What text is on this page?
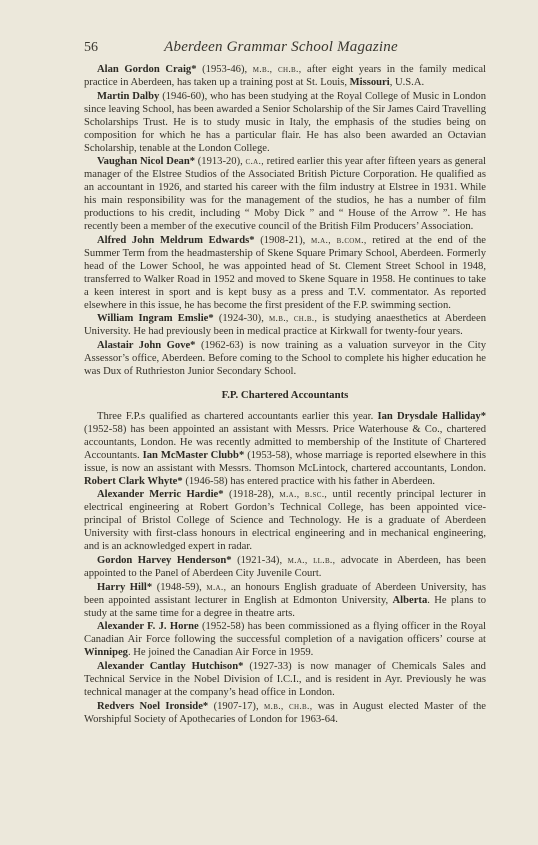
56	Aberdeen Grammar School Magazine

Alan Gordon Craig* (1953-46), m.b., ch.b., after eight years in the family medical practice in Aberdeen, has taken up a training post at St. Louis, Missouri, U.S.A.

Martin Dalby (1946-60), who has been studying at the Royal College of Music in London since leaving School, has been awarded a Senior Scholarship of the Sir James Caird Travelling Scholarships Trust. He is to study music in Italy, the emphasis of the studies being on composition for which he has a particular flair. He has also been awarded an Octavian Scholarship, tenable at the London College.

Vaughan Nicol Dean* (1913-20), c.a., retired earlier this year after fifteen years as general manager of the Elstree Studios of the Associated British Picture Corporation. He qualified as an accountant in 1926, and started his career with the film industry at Elstree in 1931. While his main responsibility was for the management of the studios, he has a number of film productions to his credit, including “ Moby Dick ” and “ House of the Arrow ”. He has recently been a member of the executive council of the British Film Producers’ Association.

Alfred John Meldrum Edwards* (1908-21), m.a., b.com., retired at the end of the Summer Term from the headmastership of Skene Square Primary School, Aberdeen. Formerly head of the Lower School, he was appointed head of St. Clement Street School in 1948, transferred to Walker Road in 1952 and moved to Skene Square in 1958. He continues to take a keen interest in sport and is kept busy as a press and T.V. commentator. As reported elsewhere in this issue, he has become the first president of the F.P. swimming section.

William Ingram Emslie* (1924-30), m.b., ch.b., is studying anaesthetics at Aberdeen University. He had previously been in medical practice at Kirkwall for twenty-four years.

Alastair John Gove* (1962-63) is now training as a valuation surveyor in the City Assessor’s office, Aberdeen. Before coming to the School to complete his higher education he was Dux of Ruthrieston Junior Secondary School.

F.P. Chartered Accountants

Three F.P.s qualified as chartered accountants earlier this year. Ian Drysdale Halliday* (1952-58) has been appointed an assistant with Messrs. Price Waterhouse & Co., chartered accountants, London. He was recently admitted to membership of the Institute of Chartered Accountants. Ian McMaster Clubb* (1953-58), whose marriage is reported elsewhere in this issue, is now an assistant with Messrs. Thomson McLintock, chartered accountants, London. Robert Clark Whyte* (1946-58) has entered practice with his father in Aberdeen.

Alexander Merric Hardie* (1918-28), m.a., b.sc., until recently principal lecturer in electrical engineering at Robert Gordon’s Technical College, has been appointed vice-principal of Bristol College of Science and Technology. He is a graduate of Aberdeen University with first-class honours in electrical engineering and in mechanical engineering, and is an acknowledged expert in radar.

Gordon Harvey Henderson* (1921-34), m.a., ll.b., advocate in Aberdeen, has been appointed to the Panel of Aberdeen City Juvenile Court.

Harry Hill* (1948-59), m.a., an honours English graduate of Aberdeen University, has been appointed assistant lecturer in English at Edmonton University, Alberta. He plans to study at the same time for a degree in theatre arts.

Alexander F. J. Horne (1952-58) has been commissioned as a flying officer in the Royal Canadian Air Force following the successful completion of a navigation officers’ course at Winnipeg. He joined the Canadian Air Force in 1959.

Alexander Cantlay Hutchison* (1927-33) is now manager of Chemicals Sales and Technical Service in the Nobel Division of I.C.I., and is resident in Ayr. Previously he was technical manager at the company’s head office in London.

Redvers Noel Ironside* (1907-17), m.b., ch.b., was in August elected Master of the Worshipful Society of Apothecaries of London for 1963-64.
